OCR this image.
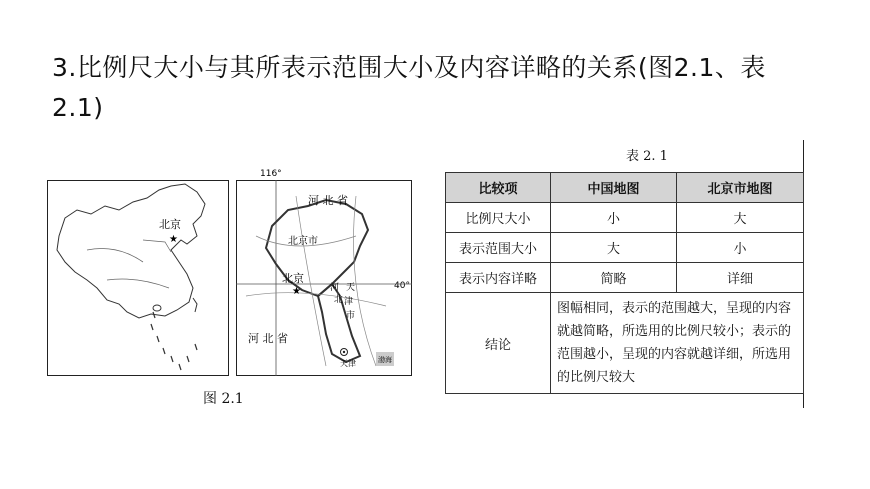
3.比例尺大小与其所表示范围大小及内容详略的关系(图2.1、表2.1)
北京
★
116°
40°
河 北 省
北京市
北京
★	河
北
天
津
市
河 北 省
天津	渤海
图 2.1
表 2. 1
比较项	中国地图	北京市地图
比例尺大小	小	大
表示范围大小	大	小
表示内容详略	简略	详细
结论	图幅相同，表示的范围越大，呈现的内容就越简略，所选用的比例尺较小；表示的范围越小，呈现的内容就越详细，所选用的比例尺较大	
